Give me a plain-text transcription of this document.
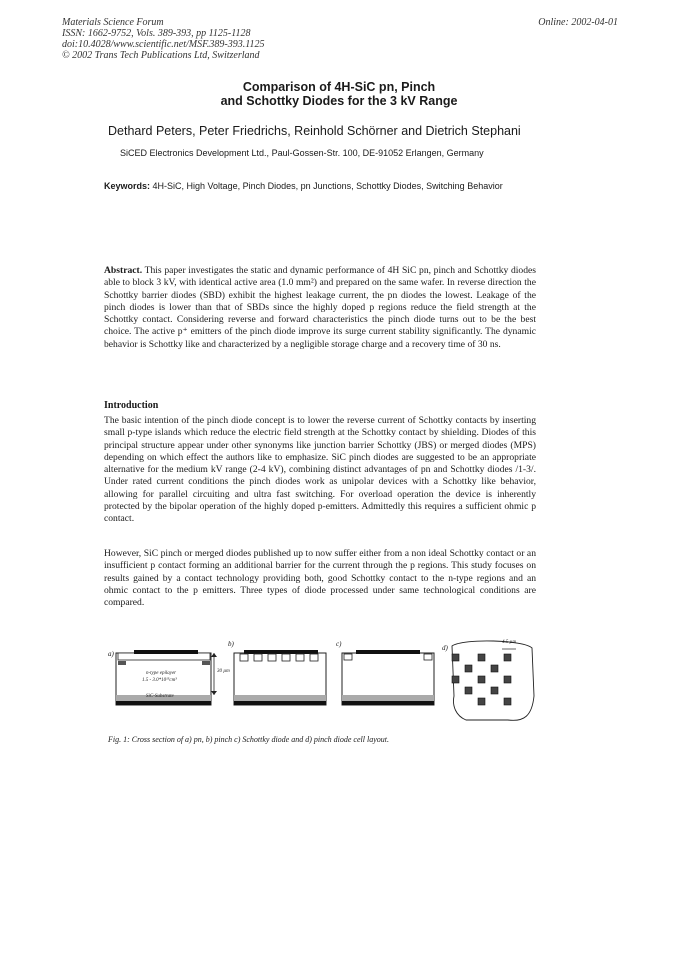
Materials Science Forum
ISSN: 1662-9752, Vols. 389-393, pp 1125-1128
doi:10.4028/www.scientific.net/MSF.389-393.1125
© 2002 Trans Tech Publications Ltd, Switzerland
Online: 2002-04-01
Comparison of 4H-SiC pn, Pinch
and Schottky Diodes for the 3 kV Range
Dethard Peters, Peter Friedrichs, Reinhold Schörner and Dietrich Stephani
SiCED Electronics Development Ltd., Paul-Gossen-Str. 100, DE-91052 Erlangen, Germany
Keywords: 4H-SiC, High Voltage, Pinch Diodes, pn Junctions, Schottky Diodes, Switching Behavior
Abstract. This paper investigates the static and dynamic performance of 4H SiC pn, pinch and Schottky diodes able to block 3 kV, with identical active area (1.0 mm²) and prepared on the same wafer. In reverse direction the Schottky barrier diodes (SBD) exhibit the highest leakage current, the pn diodes the lowest. Leakage of the pinch diodes is lower than that of SBDs since the highly doped p regions reduce the field strength at the Schottky contact. Considering reverse and forward characteristics the pinch diode turns out to be the best choice. The active p⁺ emitters of the pinch diode improve its surge current stability significantly. The dynamic behavior is Schottky like and characterized by a negligible storage charge and a recovery time of 30 ns.
Introduction
The basic intention of the pinch diode concept is to lower the reverse current of Schottky contacts by inserting small p-type islands which reduce the electric field strength at the Schottky contact by shielding. Diodes of this principal structure appear under other synonyms like junction barrier Schottky (JBS) or merged diodes (MPS) depending on which effect the authors like to emphasize. SiC pinch diodes are suggested to be an appropriate alternative for the medium kV range (2-4 kV), combining distinct advantages of pn and Schottky diodes /1-3/. Under rated current conditions the pinch diodes work as unipolar devices with a Schottky like behavior, allowing for parallel circuiting and ultra fast switching. For overload operation the device is inherently protected by the bipolar operation of the highly doped p-emitters. Admittedly this requires a sufficient ohmic p contact.
However, SiC pinch or merged diodes published up to now suffer either from a non ideal Schottky contact or an insufficient p contact forming an additional barrier for the current through the p regions. This study focuses on results gained by a contact technology providing both, good Schottky contact to the n-type regions and an ohmic contact to the p emitters. Three types of diode processed under same technological conditions are compared.
a)
b)	c)	d)
n-type epilayer
1.5 - 3.0*10¹⁵cm³
SiC-Substrate
30 µm
4.5 µm
Fig. 1: Cross section of a) pn, b) pinch c) Schottky diode and d) pinch diode cell layout.
